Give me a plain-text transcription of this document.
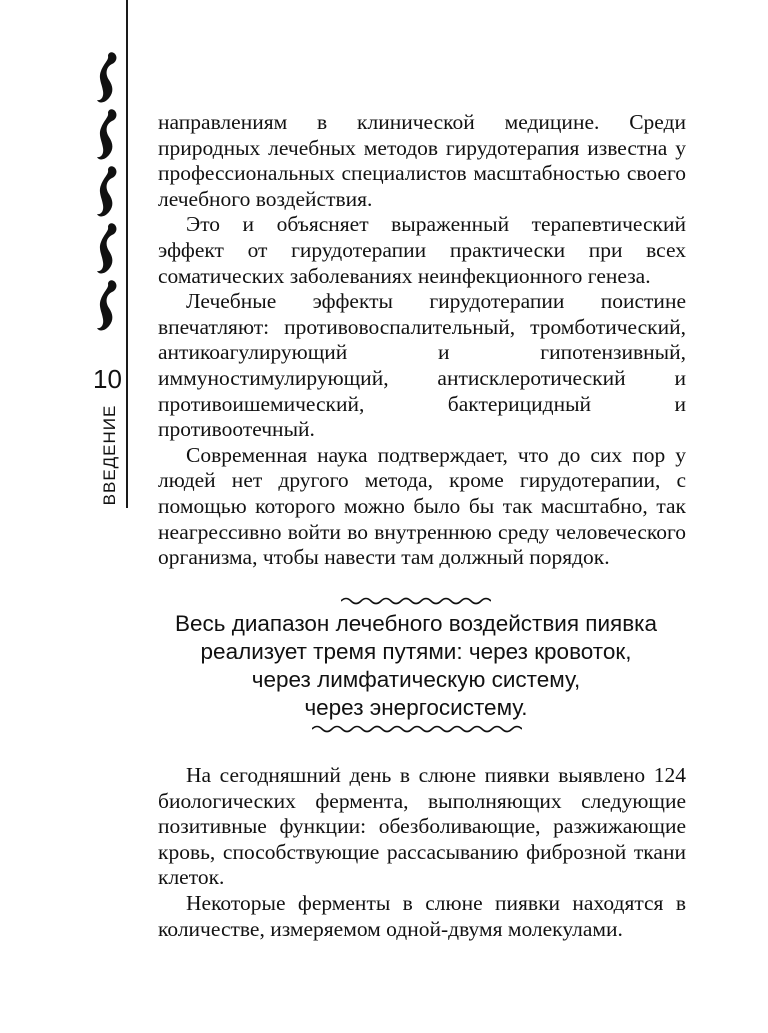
10
ВВЕДЕНИЕ

направлениям в клинической медицине. Среди природных лечебных методов гирудотерапия известна у профессиональных специалистов масштабностью своего лечебного воздействия.

Это и объясняет выраженный терапевтический эффект от гирудотерапии практически при всех соматических заболеваниях неинфекционного генеза.

Лечебные эффекты гирудотерапии поистине впечатляют: противовоспалительный, тромботический, антикоагулирующий и гипотензивный, иммуностимулирующий, антисклеротический и противоишемический, бактерицидный и противоотечный.

Современная наука подтверждает, что до сих пор у людей нет другого метода, кроме гирудотерапии, с помощью которого можно было бы так масштабно, так неагрессивно войти во внутреннюю среду человеческого организма, чтобы навести там должный порядок.

Весь диапазон лечебного воздействия пиявка
реализует тремя путями: через кровоток,
через лимфатическую систему,
через энергосистему.

На сегодняшний день в слюне пиявки выявлено 124 биологических фермента, выполняющих следующие позитивные функции: обезболивающие, разжижающие кровь, способствующие рассасыванию фиброзной ткани клеток.

Некоторые ферменты в слюне пиявки находятся в количестве, измеряемом одной-двумя молекулами.
